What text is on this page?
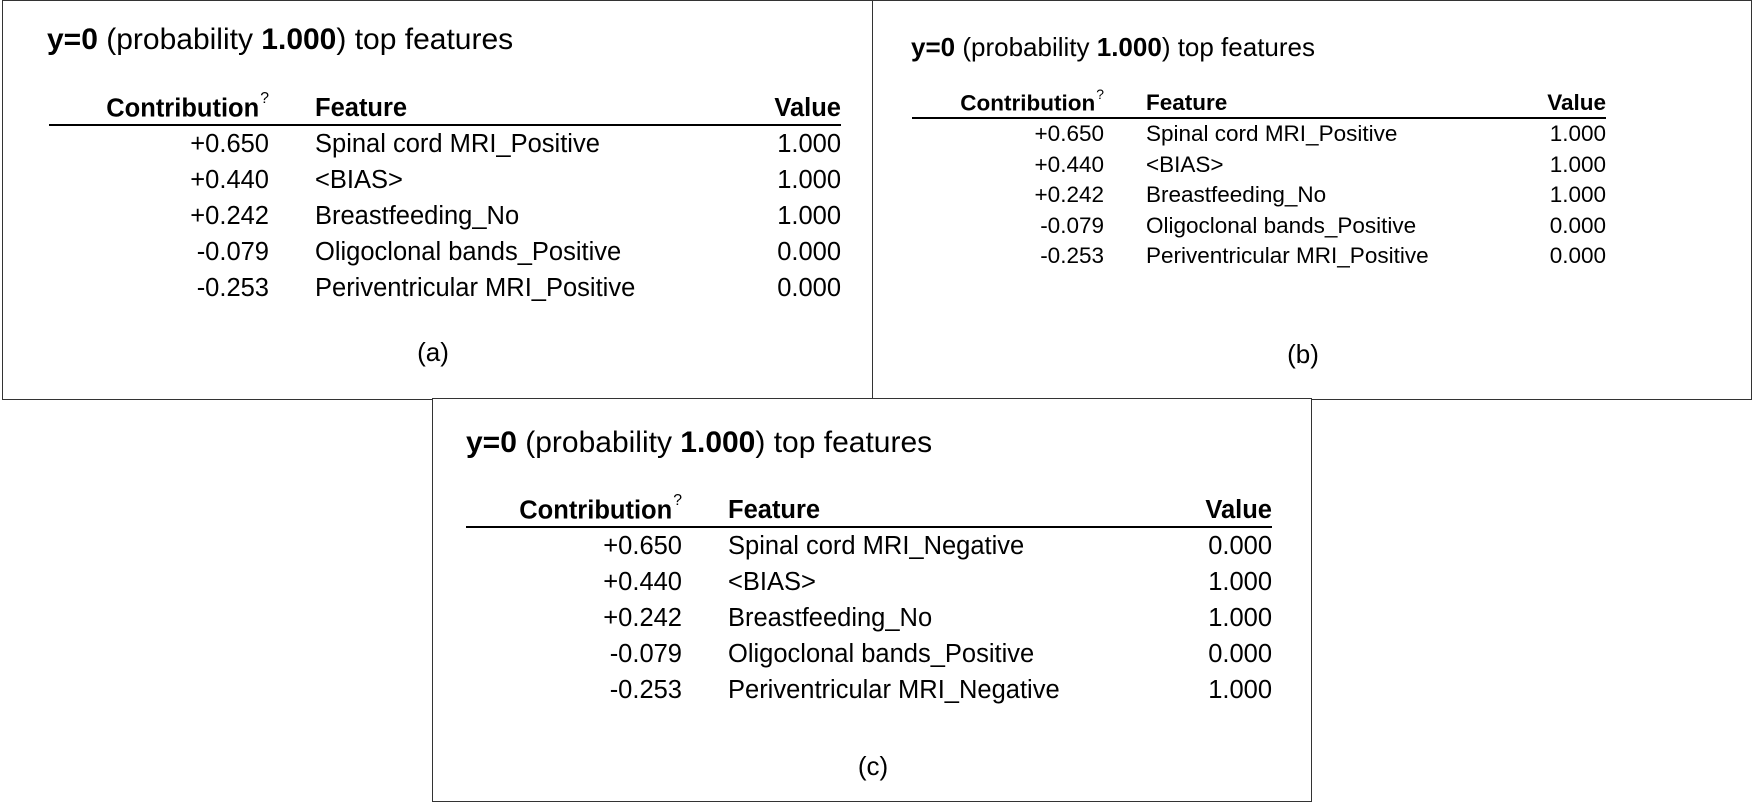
y=0 (probability 1.000) top features
Contribution?	Feature	Value
+0.650	Spinal cord MRI_Positive	1.000
+0.440	<BIAS>	1.000
+0.242	Breastfeeding_No	1.000
-0.079	Oligoclonal bands_Positive	0.000
-0.253	Periventricular MRI_Positive	0.000
(a)
y=0 (probability 1.000) top features
Contribution?	Feature	Value
+0.650	Spinal cord MRI_Positive	1.000
+0.440	<BIAS>	1.000
+0.242	Breastfeeding_No	1.000
-0.079	Oligoclonal bands_Positive	0.000
-0.253	Periventricular MRI_Positive	0.000
(b)
y=0 (probability 1.000) top features
Contribution?	Feature	Value
+0.650	Spinal cord MRI_Negative	0.000
+0.440	<BIAS>	1.000
+0.242	Breastfeeding_No	1.000
-0.079	Oligoclonal bands_Positive	0.000
-0.253	Periventricular MRI_Negative	1.000
(c)
